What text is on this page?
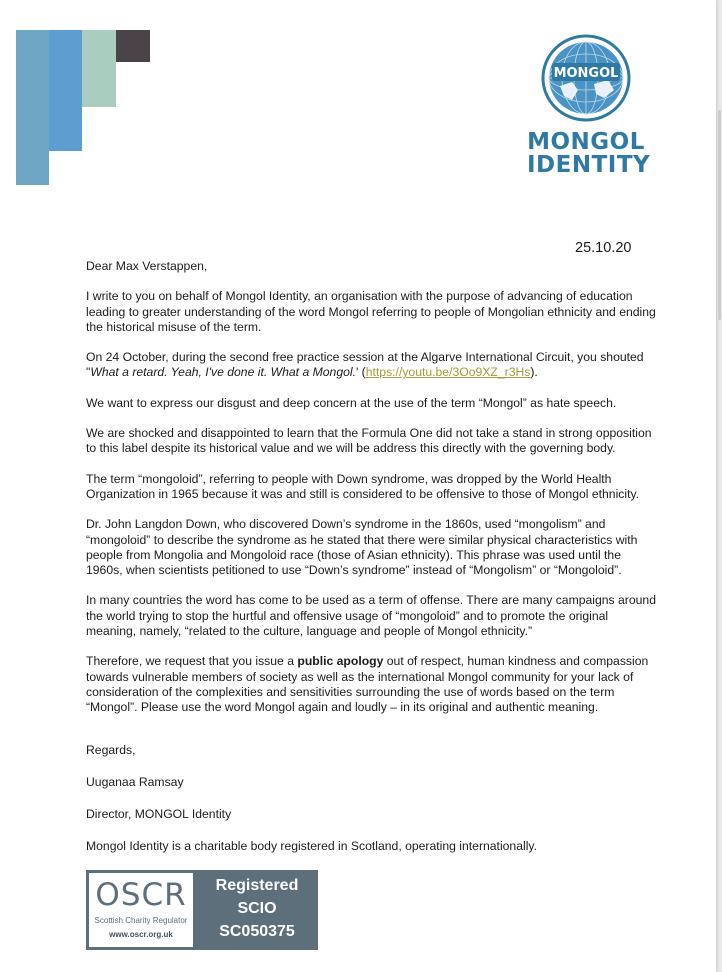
MONGOL
MONGOL
IDENTITY
25.10.20

Dear Max Verstappen,

I write to you on behalf of Mongol Identity, an organisation with the purpose of advancing of education leading to greater understanding of the word Mongol referring to people of Mongolian ethnicity and ending the historical misuse of the term.

On 24 October, during the second free practice session at the Algarve International Circuit, you shouted "What a retard. Yeah, I've done it. What a Mongol.' (https://youtu.be/3Oo9XZ_r3Hs).

We want to express our disgust and deep concern at the use of the term “Mongol” as hate speech.

We are shocked and disappointed to learn that the Formula One did not take a stand in strong opposition to this label despite its historical value and we will be address this directly with the governing body.

The term “mongoloid”, referring to people with Down syndrome, was dropped by the World Health Organization in 1965 because it was and still is considered to be offensive to those of Mongol ethnicity.

Dr. John Langdon Down, who discovered Down’s syndrome in the 1860s, used “mongolism” and “mongoloid” to describe the syndrome as he stated that there were similar physical characteristics with people from Mongolia and Mongoloid race (those of Asian ethnicity). This phrase was used until the 1960s, when scientists petitioned to use “Down’s syndrome” instead of “Mongolism” or “Mongoloid”.

In many countries the word has come to be used as a term of offense. There are many campaigns around the world trying to stop the hurtful and offensive usage of “mongoloid” and to promote the original meaning, namely, “related to the culture, language and people of Mongol ethnicity.”

Therefore, we request that you issue a public apology out of respect, human kindness and compassion towards vulnerable members of society as well as the international Mongol community for your lack of consideration of the complexities and sensitivities surrounding the use of words based on the term “Mongol”. Please use the word Mongol again and loudly – in its original and authentic meaning.

Regards,
Uuganaa Ramsay
Director, MONGOL Identity
Mongol Identity is a charitable body registered in Scotland, operating internationally.
OSCR
Scottish Charity Regulator
www.oscr.org.uk
Registered
SCIO
SC050375
